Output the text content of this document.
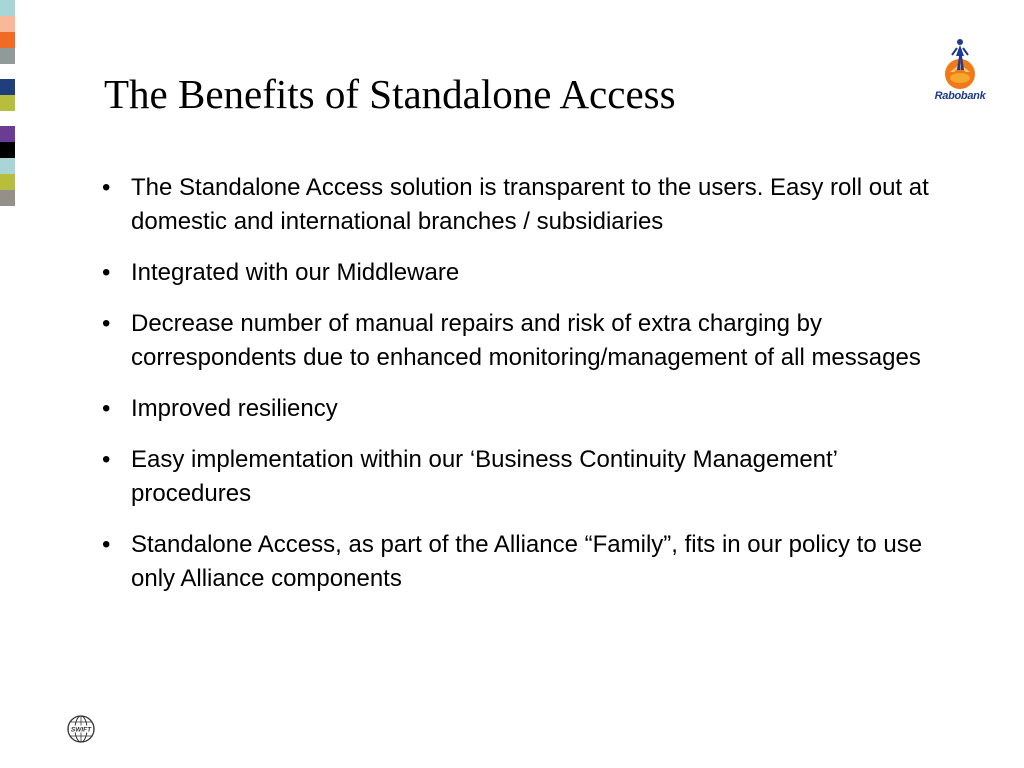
The Benefits of Standalone Access	Rabobank
• The Standalone Access solution is transparent to the users. Easy roll out at domestic and international branches / subsidiaries
• Integrated with our Middleware
• Decrease number of manual repairs and risk of extra charging by correspondents due to enhanced monitoring/management of all messages
• Improved resiliency
• Easy implementation within our ‘Business Continuity Management’ procedures
• Standalone Access, as part of the Alliance “Family”, fits in our policy to use only Alliance components
SWIFT
